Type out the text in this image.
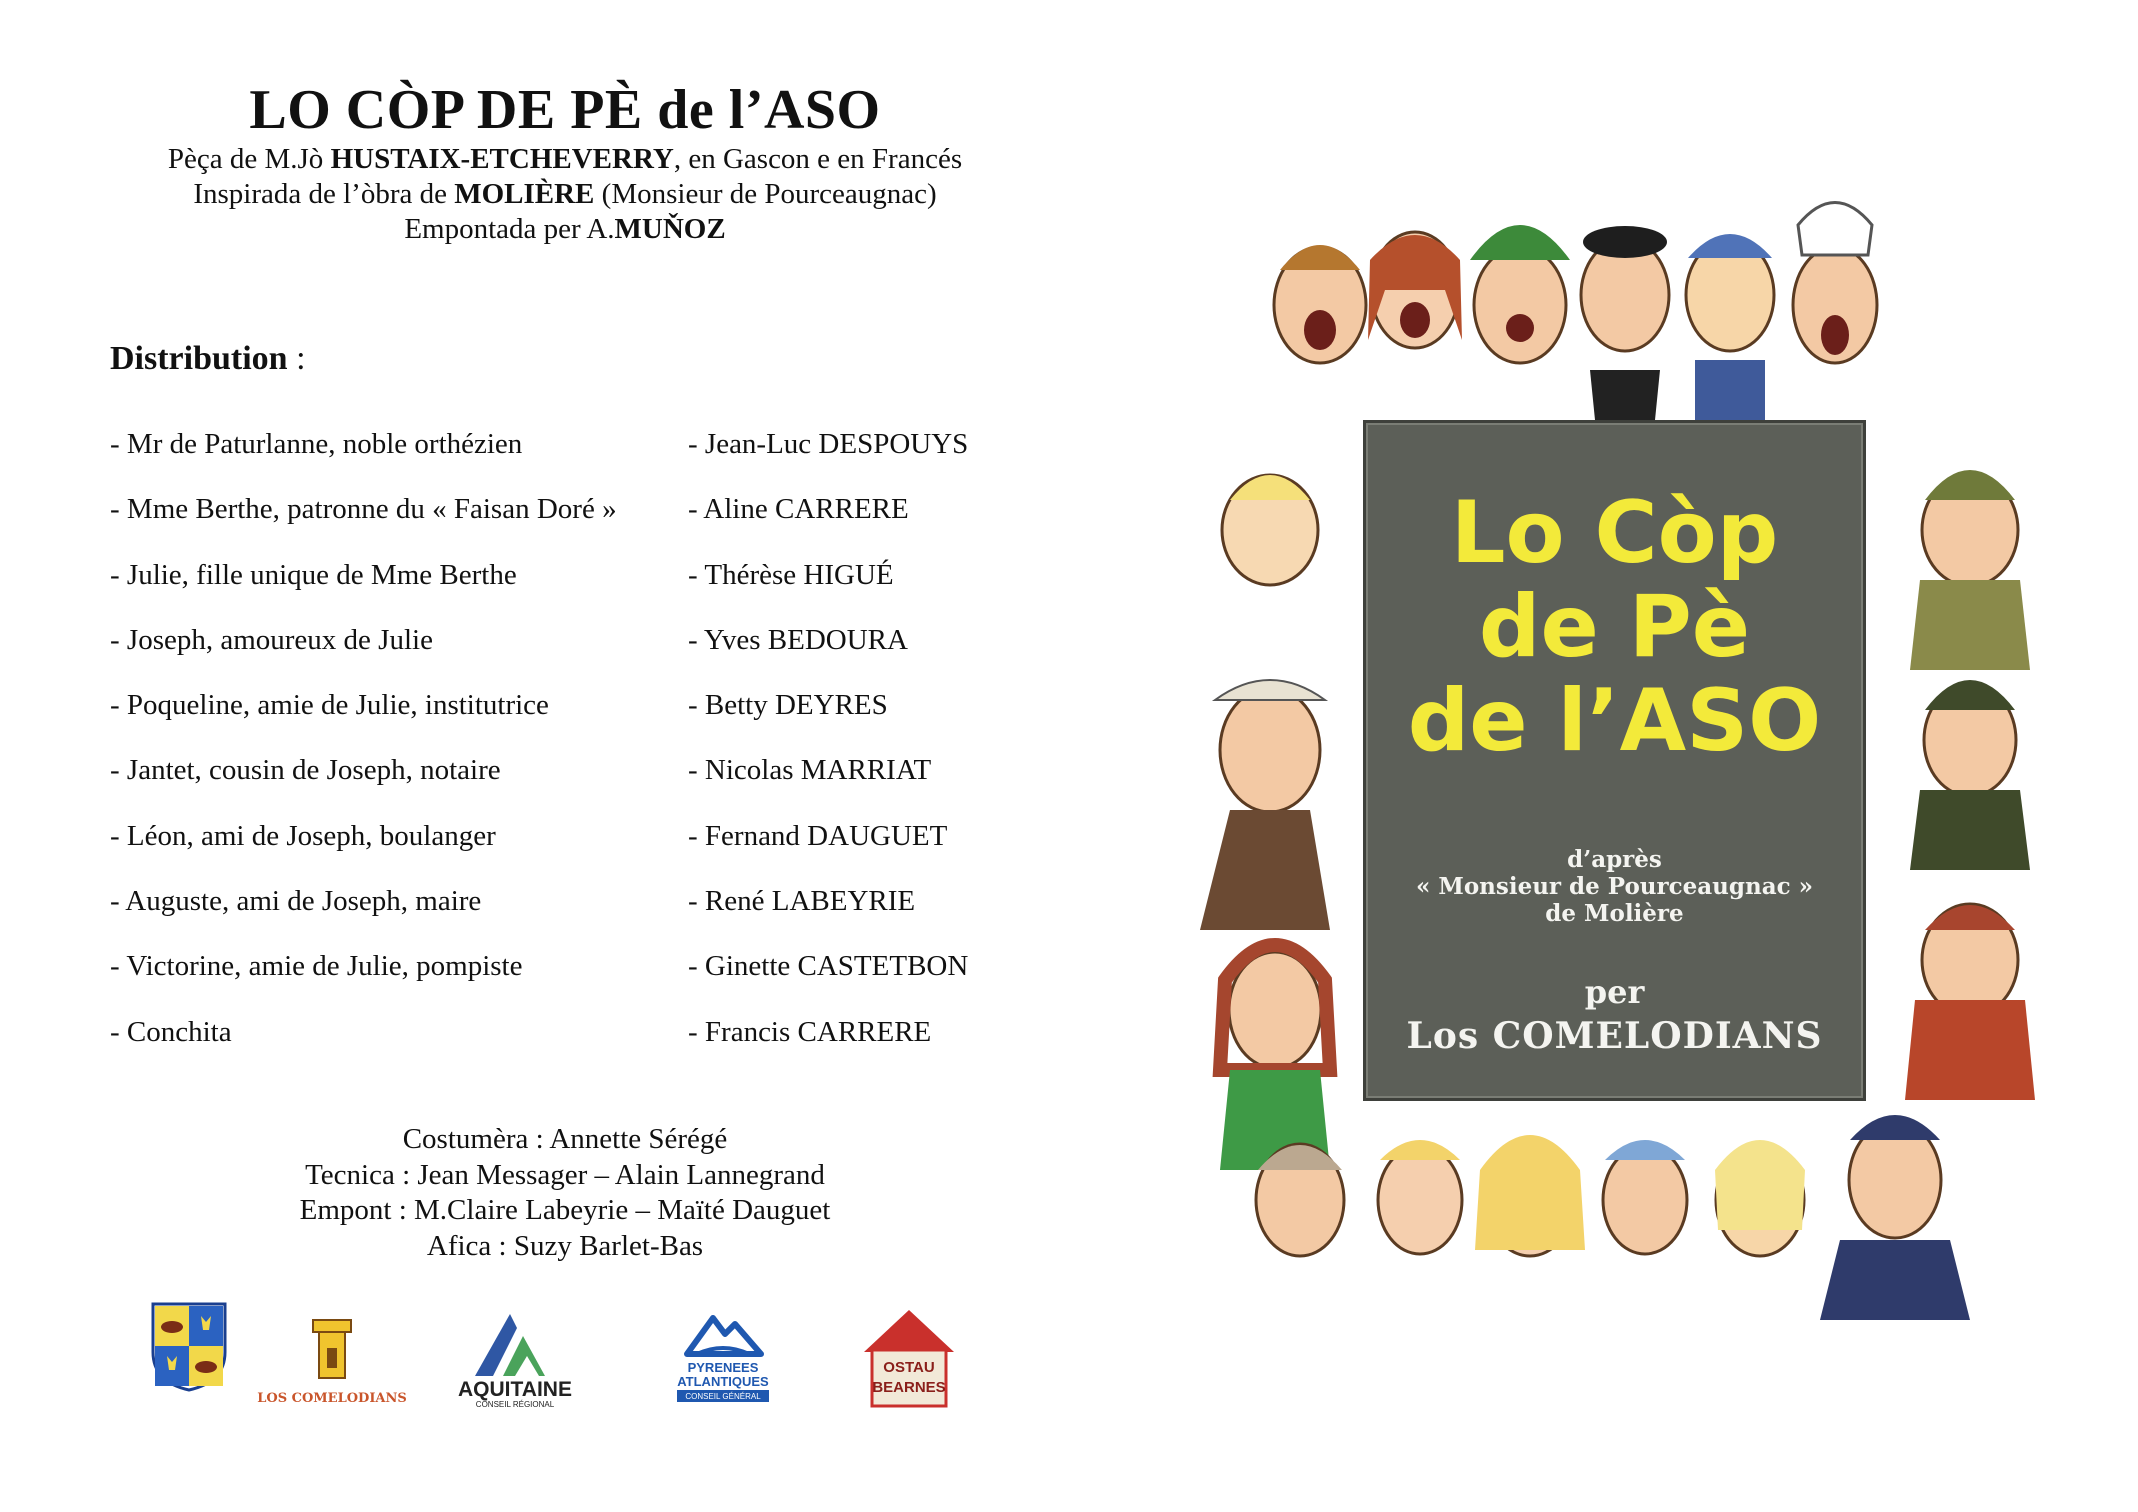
LO CÒP DE PÈ de l’ASO
Pèça de M.Jò HUSTAIX-ETCHEVERRY, en Gascon e en Francés
Inspirada de l’òbra de MOLIÈRE (Monsieur de Pourceaugnac)
Empontada per A.MUŇOZ
Distribution :
- Mr de Paturlanne, noble orthézien	- Jean-Luc DESPOUYS
- Mme Berthe, patronne du « Faisan Doré » - Aline CARRERE
- Julie, fille unique de Mme Berthe	- Thérèse HIGUÉ
- Joseph, amoureux de Julie	- Yves BEDOURA
- Poqueline, amie de Julie, institutrice	- Betty DEYRES
- Jantet, cousin de Joseph, notaire	- Nicolas MARRIAT
- Léon, ami de Joseph, boulanger	- Fernand DAUGUET
- Auguste, ami de Joseph, maire	- René LABEYRIE
- Victorine, amie de Julie, pompiste	- Ginette CASTETBON
- Conchita	- Francis CARRERE
Costumèra : Annette Sérégé
Tecnica : Jean Messager – Alain Lannegrand
Empont : M.Claire Labeyrie – Maïté Dauguet
Afica : Suzy Barlet-Bas
LOS COMELODIANS AQUITAINE
CONSEIL RÉGIONAL
PYRENEES
ATLANTIQUES
CONSEIL GÉNÉRAL
OSTAU
BEARNES
Lo Còp
de Pè
de l’ASO
d’après
« Monsieur de Pourceaugnac »
de Molière
per
Los COMELODIANS
